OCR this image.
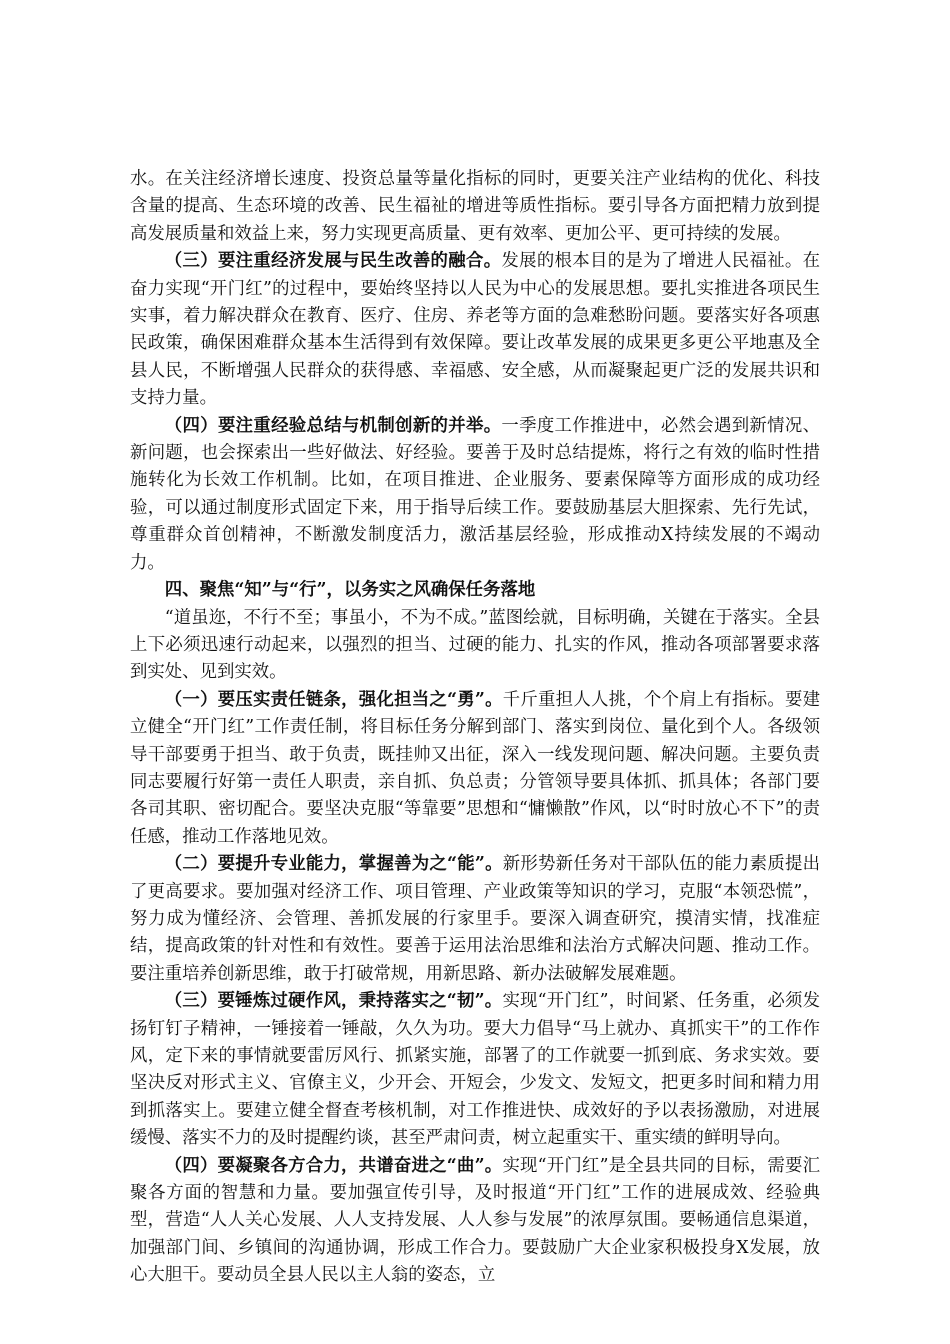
水。在关注经济增长速度、投资总量等量化指标的同时，更要关注产业结构的优化、科技含量的提高、生态环境的改善、民生福祉的增进等质性指标。要引导各方面把精力放到提高发展质量和效益上来，努力实现更高质量、更有效率、更加公平、更可持续的发展。

（三）要注重经济发展与民生改善的融合。发展的根本目的是为了增进人民福祉。在奋力实现“开门红”的过程中，要始终坚持以人民为中心的发展思想。要扎实推进各项民生实事，着力解决群众在教育、医疗、住房、养老等方面的急难愁盼问题。要落实好各项惠民政策，确保困难群众基本生活得到有效保障。要让改革发展的成果更多更公平地惠及全县人民，不断增强人民群众的获得感、幸福感、安全感，从而凝聚起更广泛的发展共识和支持力量。

（四）要注重经验总结与机制创新的并举。一季度工作推进中，必然会遇到新情况、新问题，也会探索出一些好做法、好经验。要善于及时总结提炼，将行之有效的临时性措施转化为长效工作机制。比如，在项目推进、企业服务、要素保障等方面形成的成功经验，可以通过制度形式固定下来，用于指导后续工作。要鼓励基层大胆探索、先行先试，尊重群众首创精神，不断激发制度活力，激活基层经验，形成推动X持续发展的不竭动力。

四、聚焦“知”与“行”，以务实之风确保任务落地

“道虽迩，不行不至；事虽小，不为不成。”蓝图绘就，目标明确，关键在于落实。全县上下必须迅速行动起来，以强烈的担当、过硬的能力、扎实的作风，推动各项部署要求落到实处、见到实效。

（一）要压实责任链条，强化担当之“勇”。千斤重担人人挑，个个肩上有指标。要建立健全“开门红”工作责任制，将目标任务分解到部门、落实到岗位、量化到个人。各级领导干部要勇于担当、敢于负责，既挂帅又出征，深入一线发现问题、解决问题。主要负责同志要履行好第一责任人职责，亲自抓、负总责；分管领导要具体抓、抓具体；各部门要各司其职、密切配合。要坚决克服“等靠要”思想和“慵懒散”作风，以“时时放心不下”的责任感，推动工作落地见效。

（二）要提升专业能力，掌握善为之“能”。新形势新任务对干部队伍的能力素质提出了更高要求。要加强对经济工作、项目管理、产业政策等知识的学习，克服“本领恐慌”，努力成为懂经济、会管理、善抓发展的行家里手。要深入调查研究，摸清实情，找准症结，提高政策的针对性和有效性。要善于运用法治思维和法治方式解决问题、推动工作。要注重培养创新思维，敢于打破常规，用新思路、新办法破解发展难题。

（三）要锤炼过硬作风，秉持落实之“韧”。实现“开门红”，时间紧、任务重，必须发扬钉钉子精神，一锤接着一锤敲，久久为功。要大力倡导“马上就办、真抓实干”的工作作风，定下来的事情就要雷厉风行、抓紧实施，部署了的工作就要一抓到底、务求实效。要坚决反对形式主义、官僚主义，少开会、开短会，少发文、发短文，把更多时间和精力用到抓落实上。要建立健全督查考核机制，对工作推进快、成效好的予以表扬激励，对进展缓慢、落实不力的及时提醒约谈，甚至严肃问责，树立起重实干、重实绩的鲜明导向。

（四）要凝聚各方合力，共谱奋进之“曲”。实现“开门红”是全县共同的目标，需要汇聚各方面的智慧和力量。要加强宣传引导，及时报道“开门红”工作的进展成效、经验典型，营造“人人关心发展、人人支持发展、人人参与发展”的浓厚氛围。要畅通信息渠道，加强部门间、乡镇间的沟通协调，形成工作合力。要鼓励广大企业家积极投身X发展，放心大胆干。要动员全县人民以主人翁的姿态，立
